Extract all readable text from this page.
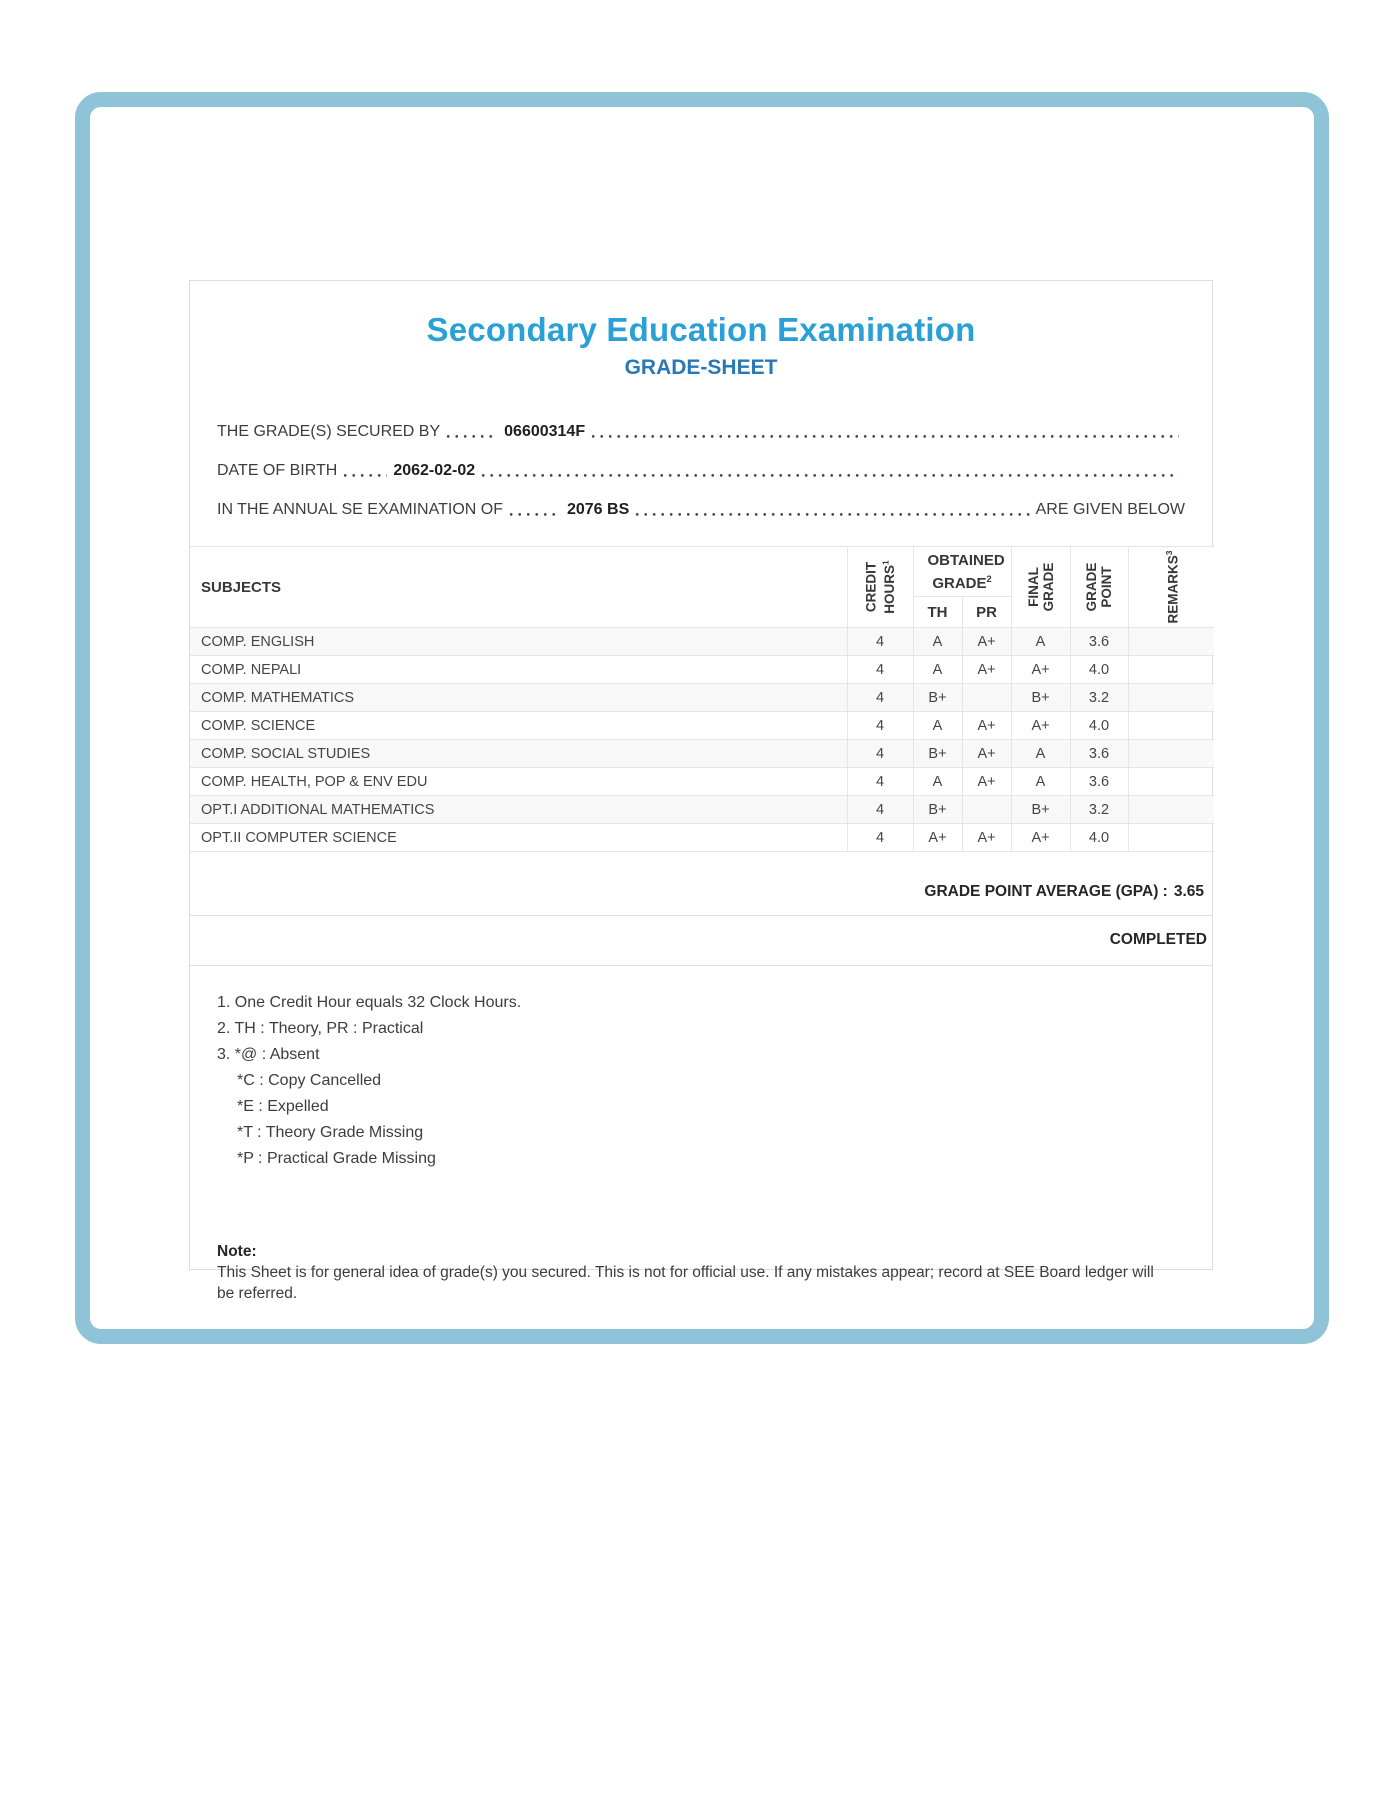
Secondary Education Examination
GRADE-SHEET
THE GRADE(S) SECURED BY	06600314F
DATE OF BIRTH	2062-02-02
IN THE ANNUAL SE EXAMINATION OF	2076 BS	ARE GIVEN BELOW
SUBJECTS	CREDIT HOURS$^1$	OBTAINED GRADE$^2$		FINAL GRADE	GRADE POINT	REMARKS$^3$

		TH	PR			
COMP. ENGLISH	4	A	A+	A	3.6	
COMP. NEPALI	4	A	A+	A+	4.0	
COMP. MATHEMATICS	4	B+		B+	3.2	
COMP. SCIENCE	4	A	A+	A+	4.0	
COMP. SOCIAL STUDIES	4	B+	A+	A	3.6	
COMP. HEALTH, POP & ENV EDU	4	A	A+	A	3.6	
OPT.I ADDITIONAL MATHEMATICS	4	B+		B+	3.2	
OPT.II COMPUTER SCIENCE	4	A+	A+	A+	4.0	
GRADE POINT AVERAGE (GPA) : 3.65
COMPLETED
1. One Credit Hour equals 32 Clock Hours.
2. TH : Theory, PR : Practical
3. *@ : Absent
*C : Copy Cancelled
*E : Expelled
*T : Theory Grade Missing
*P : Practical Grade Missing
Note:
This Sheet is for general idea of grade(s) you secured. This is not for official use. If any mistakes appear; record at SEE Board ledger will be referred.
